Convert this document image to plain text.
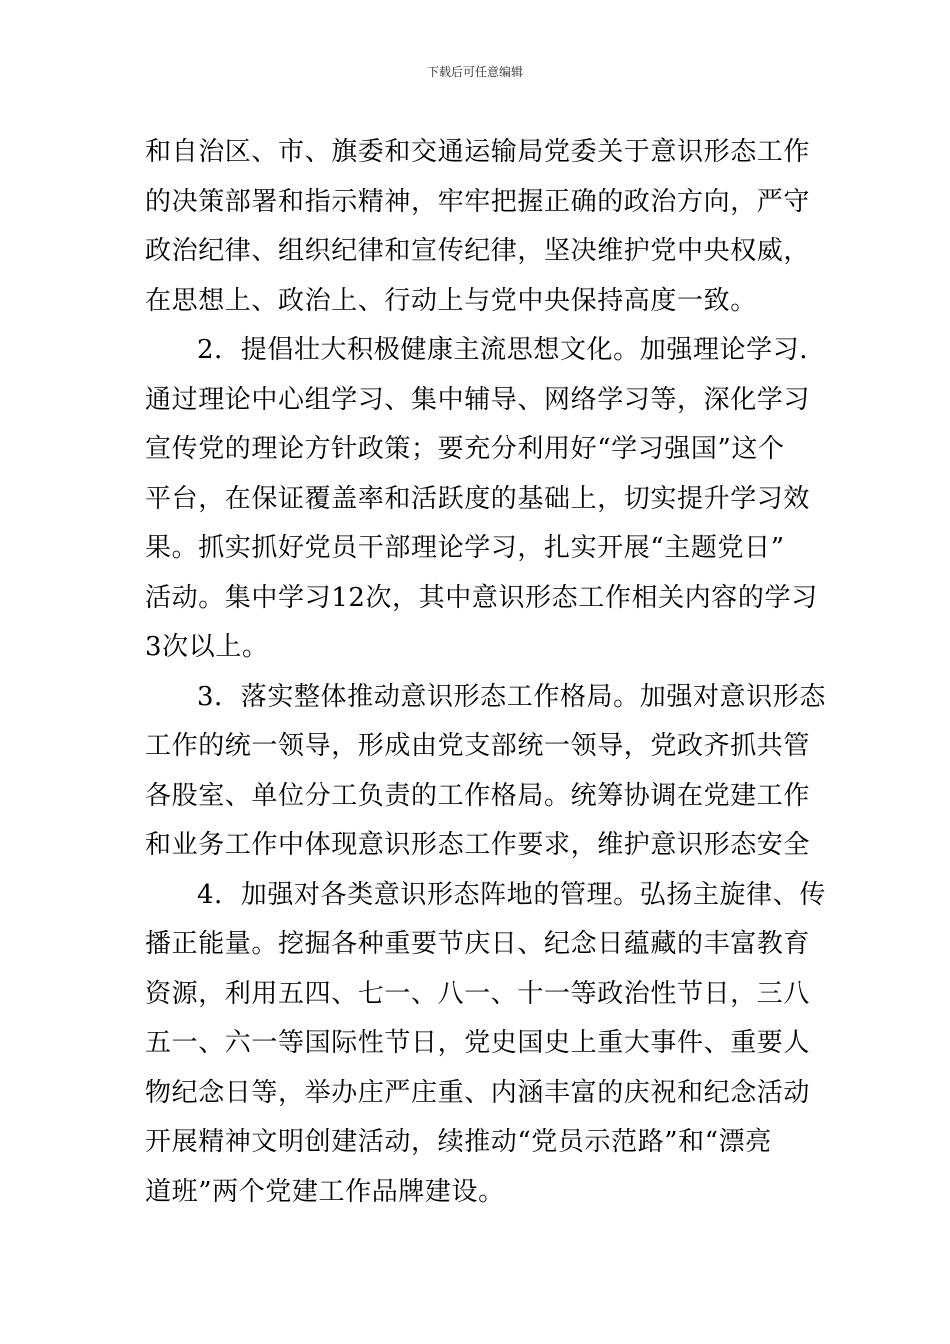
下载后可任意编辑
和自治区、市、旗委和交通运输局党委关于意识形态工作
的决策部署和指示精神，牢牢把握正确的政治方向，严守
政治纪律、组织纪律和宣传纪律，坚决维护党中央权威，
在思想上、政治上、行动上与党中央保持高度一致。
2．提倡壮大积极健康主流思想文化。加强理论学习．
通过理论中心组学习、集中辅导、网络学习等，深化学习
宣传党的理论方针政策；要充分利用好“学习强国”这个
平台，在保证覆盖率和活跃度的基础上，切实提升学习效
果。抓实抓好党员干部理论学习，扎实开展“主题党日”
活动。集中学习12次，其中意识形态工作相关内容的学习
3次以上。
3．落实整体推动意识形态工作格局。加强对意识形态
工作的统一领导，形成由党支部统一领导，党政齐抓共管
各股室、单位分工负责的工作格局。统筹协调在党建工作
和业务工作中体现意识形态工作要求，维护意识形态安全
4．加强对各类意识形态阵地的管理。弘扬主旋律、传
播正能量。挖掘各种重要节庆日、纪念日蕴藏的丰富教育
资源，利用五四、七一、八一、十一等政治性节日，三八
五一、六一等国际性节日，党史国史上重大事件、重要人
物纪念日等，举办庄严庄重、内涵丰富的庆祝和纪念活动
开展精神文明创建活动，续推动“党员示范路”和“漂亮
道班”两个党建工作品牌建设。
